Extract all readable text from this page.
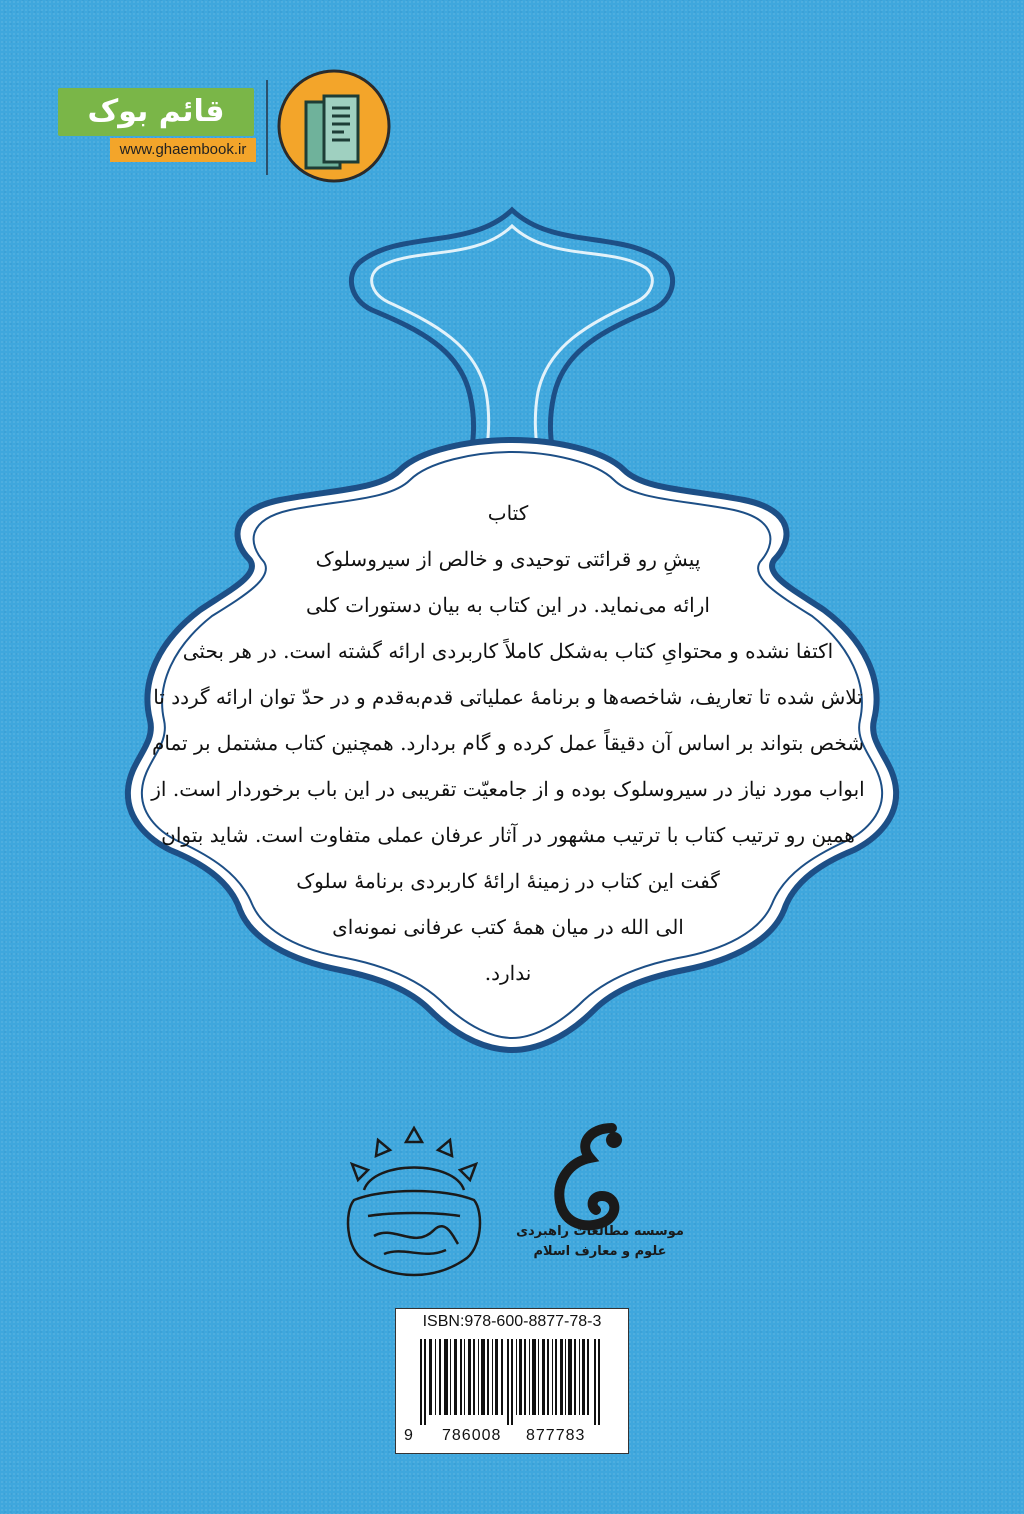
قائم بوک
www.ghaembook.ir
کتاب
پیشِ رو قرائتی توحیدی و خالص از سیروسلوک
ارائه می‌نماید. در این کتاب به بیان دستورات کلی
اکتفا نشده و محتوایِ کتاب به‌شکل کاملاً کاربردی ارائه گشته است. در هر بحثی
تلاش شده تا تعاریف، شاخصه‌ها و برنامهٔ عملیاتی قدم‌به‌قدم و در حدّ توان ارائه گردد تا
شخص بتواند بر اساس آن دقیقاً عمل کرده و گام بردارد. همچنین کتاب مشتمل بر تمام
ابواب مورد نیاز در سیروسلوک بوده و از جامعیّت تقریبی در این باب برخوردار است. از
همین رو ترتیب کتاب با ترتیب مشهور در آثار عرفان عملی متفاوت است. شاید بتوان
گفت این کتاب در زمینهٔ ارائهٔ کاربردی برنامهٔ سلوک
الی الله در میان همهٔ کتب عرفانی نمونه‌ای
ندارد.
موسسه مطالعات راهبردی
علوم و معارف اسلام
ISBN:978-600-8877-78-3
9 786008 877783
